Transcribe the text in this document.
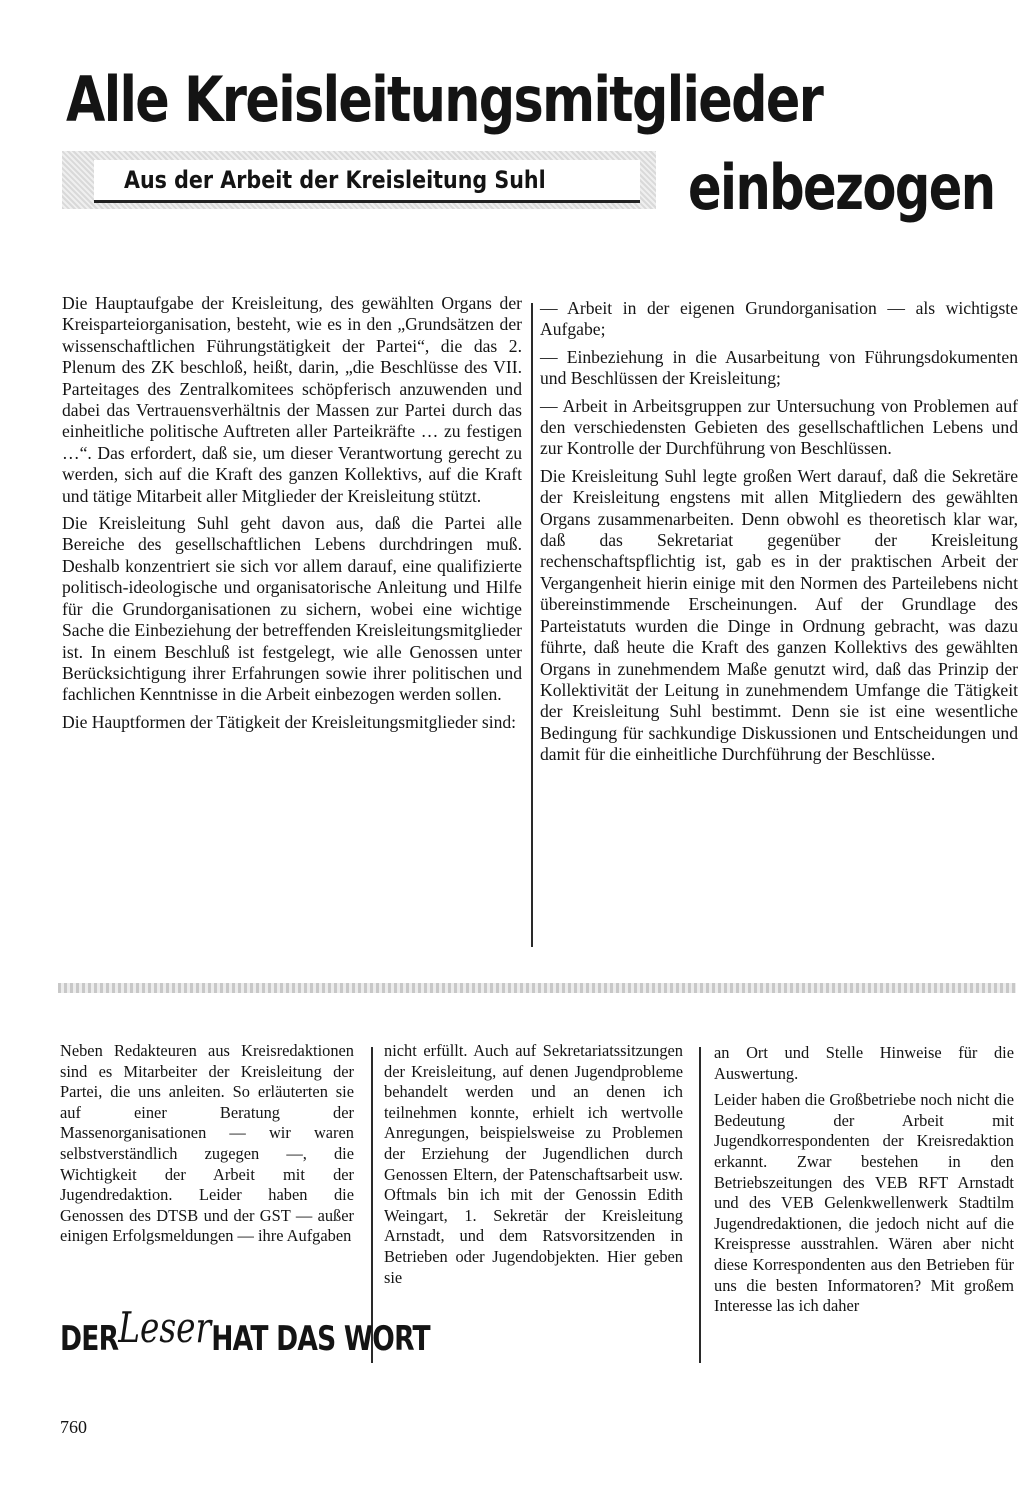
Alle Kreisleitungsmitglieder
Aus der Arbeit der Kreisleitung Suhl einbezogen

Die Hauptaufgabe der Kreisleitung, des gewählten Organs der Kreisparteiorganisation, besteht, wie es in den „Grundsätzen der wissenschaftlichen Führungstätigkeit der Partei“, die das 2. Plenum des ZK beschloß, heißt, darin, „die Beschlüsse des VII. Parteitages des Zentralkomitees schöpferisch anzuwenden und dabei das Vertrauensverhältnis der Massen zur Partei durch das einheitliche politische Auftreten aller Parteikräfte … zu festigen …“. Das erfordert, daß sie, um dieser Verantwortung gerecht zu werden, sich auf die Kraft des ganzen Kollektivs, auf die Kraft und tätige Mitarbeit aller Mitglieder der Kreisleitung stützt.

Die Kreisleitung Suhl geht davon aus, daß die Partei alle Bereiche des gesellschaftlichen Lebens durchdringen muß. Deshalb konzentriert sie sich vor allem darauf, eine qualifizierte politisch-ideologische und organisatorische Anleitung und Hilfe für die Grundorganisationen zu sichern, wobei eine wichtige Sache die Einbeziehung der betreffenden Kreisleitungsmitglieder ist. In einem Beschluß ist festgelegt, wie alle Genossen unter Berücksichtigung ihrer Erfahrungen sowie ihrer politischen und fachlichen Kenntnisse in die Arbeit einbezogen werden sollen.

Die Hauptformen der Tätigkeit der Kreisleitungsmitglieder sind:

— Arbeit in der eigenen Grundorganisation — als wichtigste Aufgabe;

— Einbeziehung in die Ausarbeitung von Führungsdokumenten und Beschlüssen der Kreisleitung;

— Arbeit in Arbeitsgruppen zur Untersuchung von Problemen auf den verschiedensten Gebieten des gesellschaftlichen Lebens und zur Kontrolle der Durchführung von Beschlüssen.

Die Kreisleitung Suhl legte großen Wert darauf, daß die Sekretäre der Kreisleitung engstens mit allen Mitgliedern des gewählten Organs zusammenarbeiten. Denn obwohl es theoretisch klar war, daß das Sekretariat gegenüber der Kreisleitung rechenschaftspflichtig ist, gab es in der praktischen Arbeit der Vergangenheit hierin einige mit den Normen des Parteilebens nicht übereinstimmende Erscheinungen. Auf der Grundlage des Parteistatuts wurden die Dinge in Ordnung gebracht, was dazu führte, daß heute die Kraft des ganzen Kollektivs des gewählten Organs in zunehmendem Maße genutzt wird, daß das Prinzip der Kollektivität der Leitung in zunehmendem Umfange die Tätigkeit der Kreisleitung Suhl bestimmt. Denn sie ist eine wesentliche Bedingung für sachkundige Diskussionen und Entscheidungen und damit für die einheitliche Durchführung der Beschlüsse.

Neben Redakteuren aus Kreisredaktionen sind es Mitarbeiter der Kreisleitung der Partei, die uns anleiten. So erläuterten sie auf einer Beratung der Massenorganisationen — wir waren selbstverständlich zugegen —, die Wichtigkeit der Arbeit mit der Jugendredaktion. Leider haben die Genossen des DTSB und der GST — außer einigen Erfolgsmeldungen — ihre Aufgaben

nicht erfüllt. Auch auf Sekretariatssitzungen der Kreisleitung, auf denen Jugendprobleme behandelt werden und an denen ich teilnehmen konnte, erhielt ich wertvolle Anregungen, beispielsweise zu Problemen der Erziehung der Jugendlichen durch Genossen Eltern, der Patenschaftsarbeit usw. Oftmals bin ich mit der Genossin Edith Weingart, 1. Sekretär der Kreisleitung Arnstadt, und dem Ratsvorsitzenden in Betrieben oder Jugendobjekten. Hier geben sie

an Ort und Stelle Hinweise für die Auswertung.

Leider haben die Großbetriebe noch nicht die Bedeutung der Arbeit mit Jugendkorrespondenten der Kreisredaktion erkannt. Zwar bestehen in den Betriebszeitungen des VEB RFT Arnstadt und des VEB Gelenkwellenwerk Stadtilm Jugendredaktionen, die jedoch nicht auf die Kreispresse ausstrahlen. Wären aber nicht diese Korrespondenten aus den Betrieben für uns die besten Informatoren? Mit großem Interesse las ich daher

DERLeserHAT DAS WORT
760
